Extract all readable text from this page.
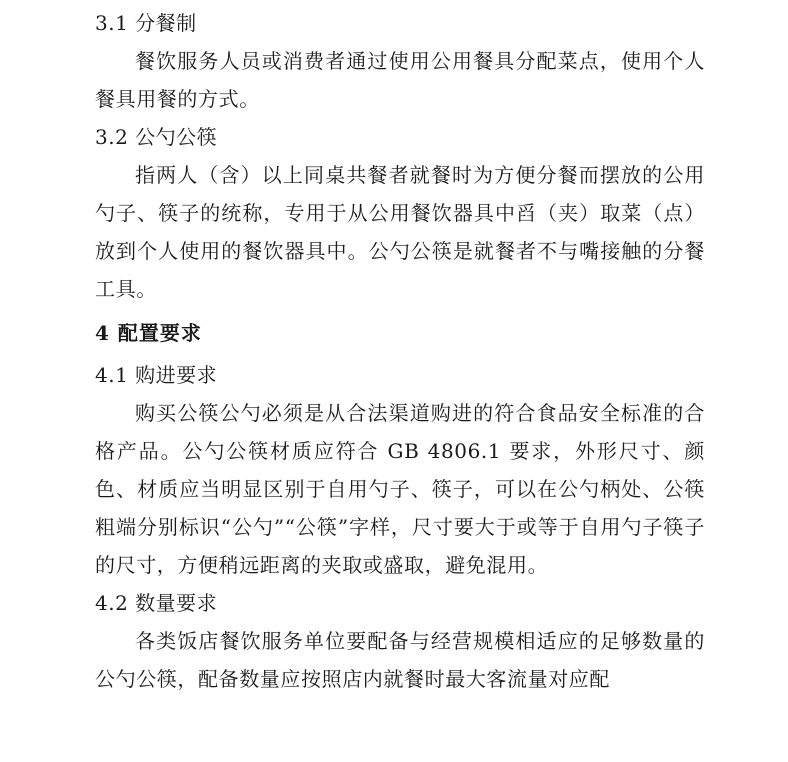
3.1 分餐制

餐饮服务人员或消费者通过使用公用餐具分配菜点，使用个人餐具用餐的方式。

3.2 公勺公筷

指两人（含）以上同桌共餐者就餐时为方便分餐而摆放的公用勺子、筷子的统称，专用于从公用餐饮器具中舀（夹）取菜（点）放到个人使用的餐饮器具中。公勺公筷是就餐者不与嘴接触的分餐工具。

4 配置要求
4.1 购进要求

购买公筷公勺必须是从合法渠道购进的符合食品安全标准的合格产品。公勺公筷材质应符合 GB 4806.1 要求，外形尺寸、颜色、材质应当明显区别于自用勺子、筷子，可以在公勺柄处、公筷粗端分别标识“公勺”“公筷”字样，尺寸要大于或等于自用勺子筷子的尺寸，方便稍远距离的夹取或盛取，避免混用。

4.2 数量要求

各类饭店餐饮服务单位要配备与经营规模相适应的足够数量的公勺公筷，配备数量应按照店内就餐时最大客流量对应配
